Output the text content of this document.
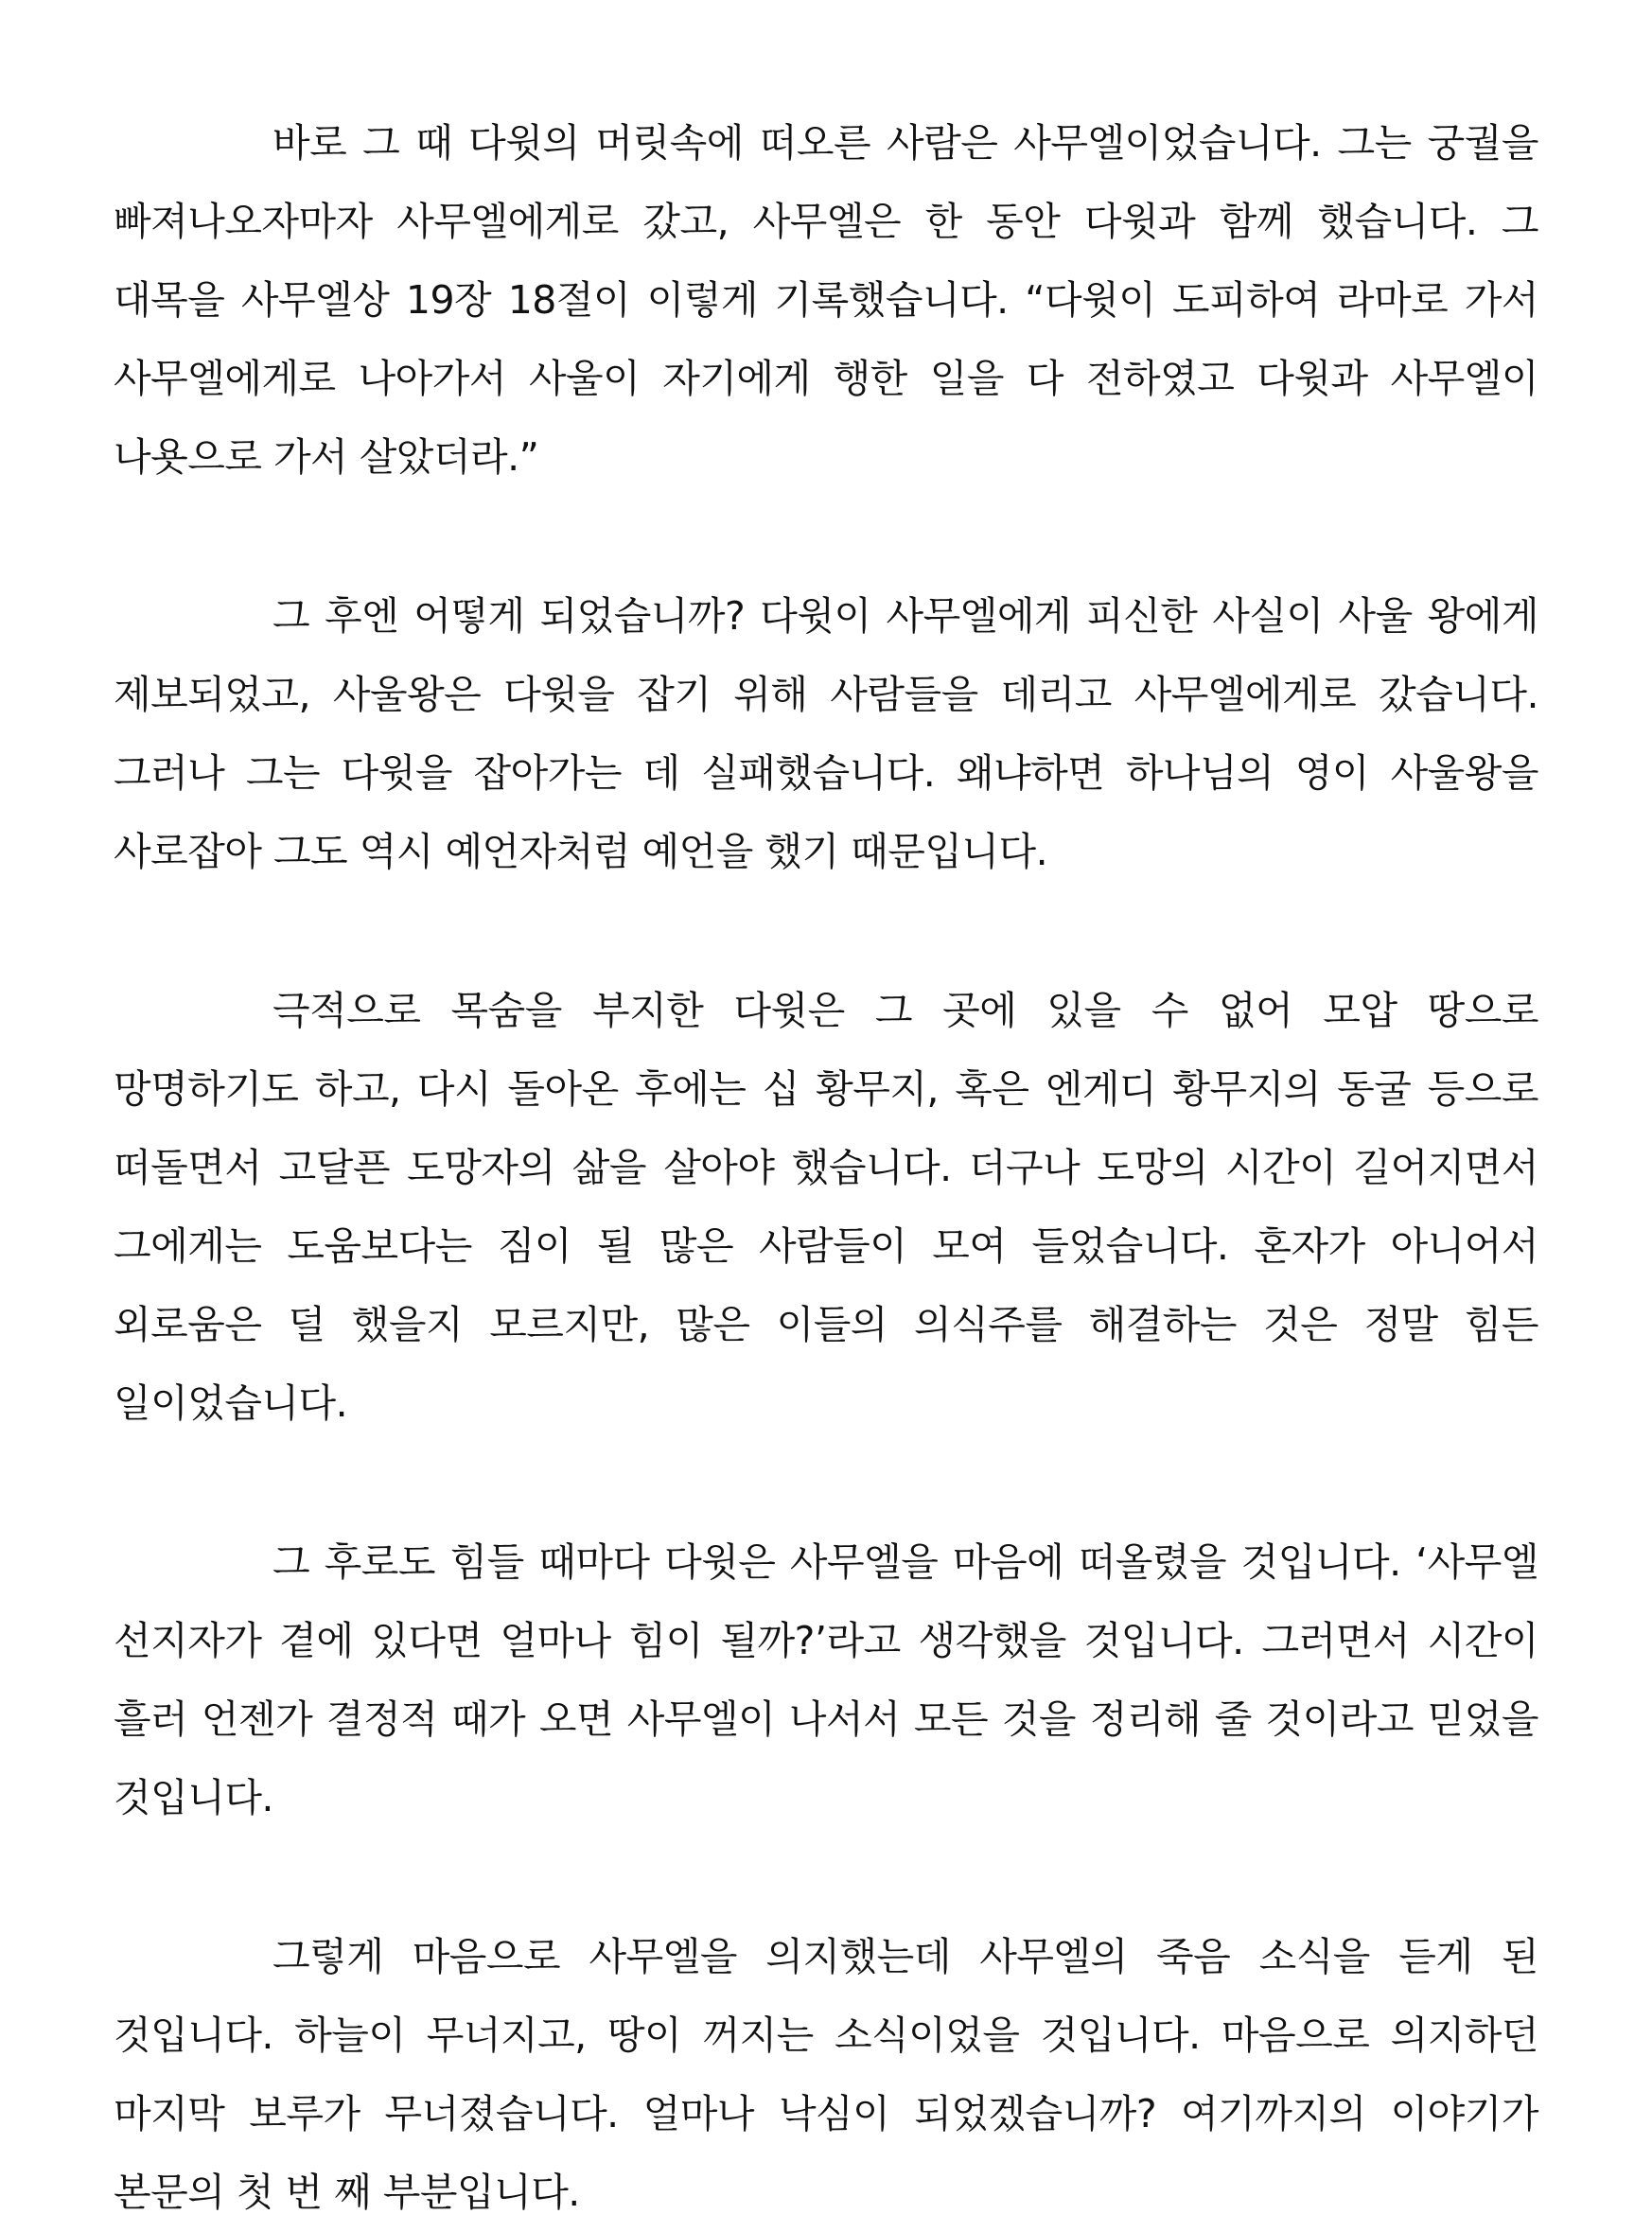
바로 그 때 다윗의 머릿속에 떠오른 사람은 사무엘이었습니다. 그는 궁궐을 빠져나오자마자 사무엘에게로 갔고, 사무엘은 한 동안 다윗과 함께 했습니다. 그 대목을 사무엘상 19장 18절이 이렇게 기록했습니다. “다윗이 도피하여 라마로 가서 사무엘에게로 나아가서 사울이 자기에게 행한 일을 다 전하였고 다윗과 사무엘이 나욧으로 가서 살았더라.”

그 후엔 어떻게 되었습니까? 다윗이 사무엘에게 피신한 사실이 사울 왕에게 제보되었고, 사울왕은 다윗을 잡기 위해 사람들을 데리고 사무엘에게로 갔습니다. 그러나 그는 다윗을 잡아가는 데 실패했습니다. 왜냐하면 하나님의 영이 사울왕을 사로잡아 그도 역시 예언자처럼 예언을 했기 때문입니다.

극적으로 목숨을 부지한 다윗은 그 곳에 있을 수 없어 모압 땅으로 망명하기도 하고, 다시 돌아온 후에는 십 황무지, 혹은 엔게디 황무지의 동굴 등으로 떠돌면서 고달픈 도망자의 삶을 살아야 했습니다. 더구나 도망의 시간이 길어지면서 그에게는 도움보다는 짐이 될 많은 사람들이 모여 들었습니다. 혼자가 아니어서 외로움은 덜 했을지 모르지만, 많은 이들의 의식주를 해결하는 것은 정말 힘든 일이었습니다.

그 후로도 힘들 때마다 다윗은 사무엘을 마음에 떠올렸을 것입니다. ‘사무엘 선지자가 곁에 있다면 얼마나 힘이 될까?’라고 생각했을 것입니다. 그러면서 시간이 흘러 언젠가 결정적 때가 오면 사무엘이 나서서 모든 것을 정리해 줄 것이라고 믿었을 것입니다.

그렇게 마음으로 사무엘을 의지했는데 사무엘의 죽음 소식을 듣게 된 것입니다. 하늘이 무너지고, 땅이 꺼지는 소식이었을 것입니다. 마음으로 의지하던 마지막 보루가 무너졌습니다. 얼마나 낙심이 되었겠습니까? 여기까지의 이야기가 본문의 첫 번 째 부분입니다.
